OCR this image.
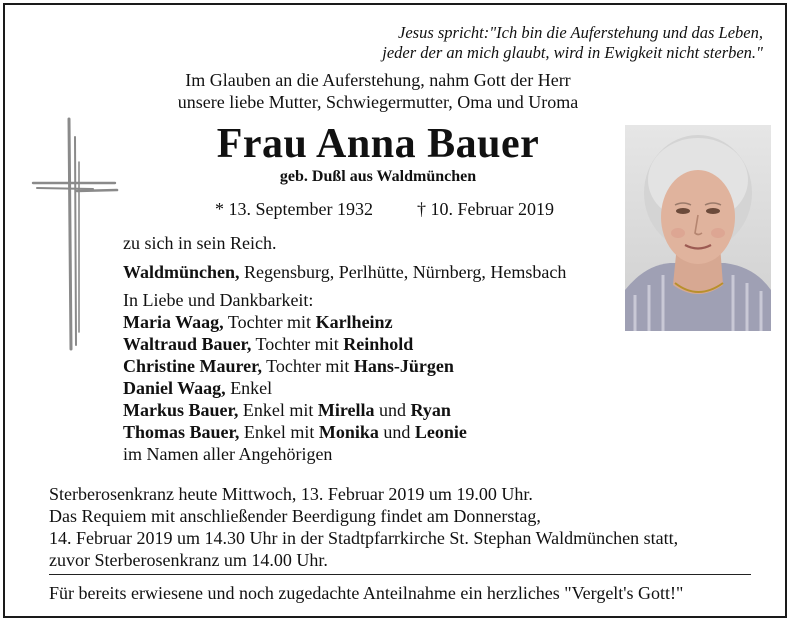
Jesus spricht:"Ich bin die Auferstehung und das Leben,
jeder der an mich glaubt, wird in Ewigkeit nicht sterben."
Im Glauben an die Auferstehung, nahm Gott der Herr
unsere liebe Mutter, Schwiegermutter, Oma und Uroma
Frau Anna Bauer
geb. Dußl aus Waldmünchen
* 13. September 1932 † 10. Februar 2019
zu sich in sein Reich.
Waldmünchen, Regensburg, Perlhütte, Nürnberg, Hemsbach
In Liebe und Dankbarkeit:
Maria Waag, Tochter mit Karlheinz
Waltraud Bauer, Tochter mit Reinhold
Christine Maurer, Tochter mit Hans-Jürgen
Daniel Waag, Enkel
Markus Bauer, Enkel mit Mirella und Ryan
Thomas Bauer, Enkel mit Monika und Leonie
im Namen aller Angehörigen
Sterberosenkranz heute Mittwoch, 13. Februar 2019 um 19.00 Uhr.
Das Requiem mit anschließender Beerdigung findet am Donnerstag,
14. Februar 2019 um 14.30 Uhr in der Stadtpfarrkirche St. Stephan Waldmünchen statt,
zuvor Sterberosenkranz um 14.00 Uhr.
Für bereits erwiesene und noch zugedachte Anteilnahme ein herzliches "Vergelt's Gott!"
